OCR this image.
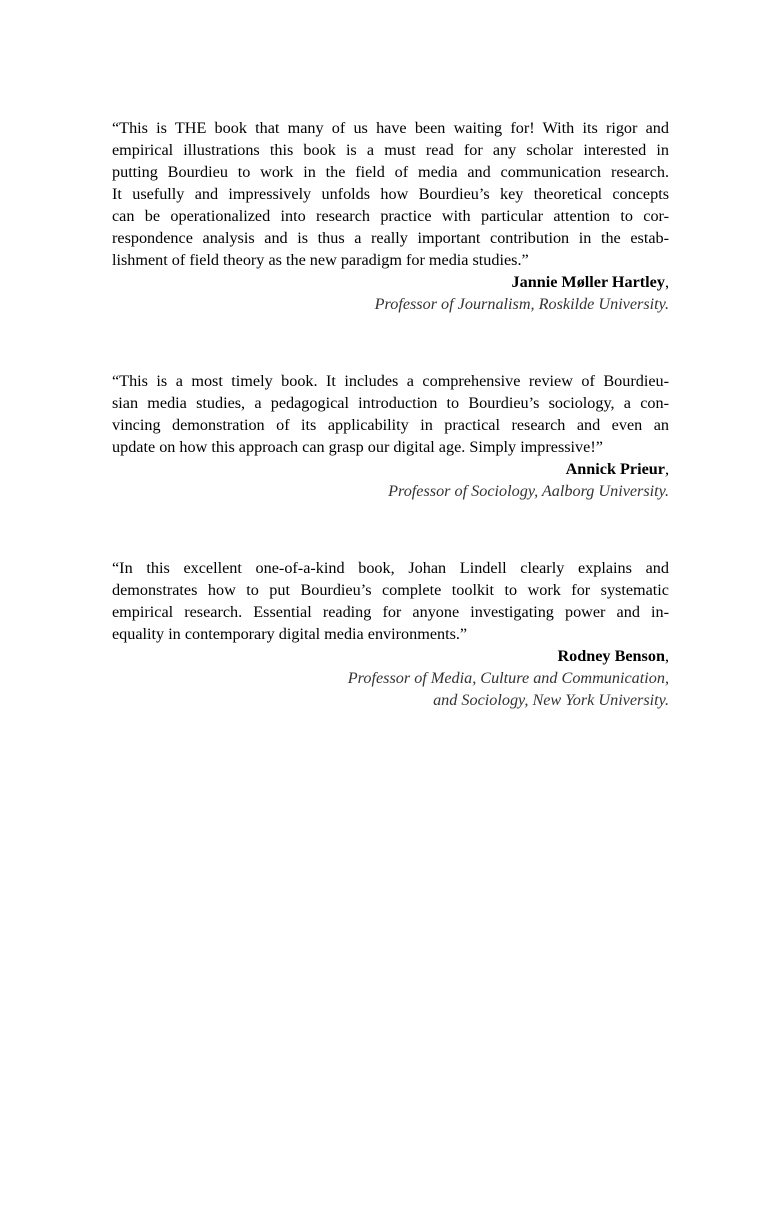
“This is THE book that many of us have been waiting for! With its rigor and
empirical illustrations this book is a must read for any scholar interested in
putting Bourdieu to work in the field of media and communication research.
It usefully and impressively unfolds how Bourdieu’s key theoretical concepts
can be operationalized into research practice with particular attention to cor-
respondence analysis and is thus a really important contribution in the estab-
lishment of field theory as the new paradigm for media studies.”
Jannie Møller Hartley,
Professor of Journalism, Roskilde University.
“This is a most timely book. It includes a comprehensive review of Bourdieu-
sian media studies, a pedagogical introduction to Bourdieu’s sociology, a con-
vincing demonstration of its applicability in practical research and even an
update on how this approach can grasp our digital age. Simply impressive!”
Annick Prieur,
Professor of Sociology, Aalborg University.
“In this excellent one-of-a-kind book, Johan Lindell clearly explains and
demonstrates how to put Bourdieu’s complete toolkit to work for systematic
empirical research. Essential reading for anyone investigating power and in-
equality in contemporary digital media environments.”
Rodney Benson,
Professor of Media, Culture and Communication,
and Sociology, New York University.
